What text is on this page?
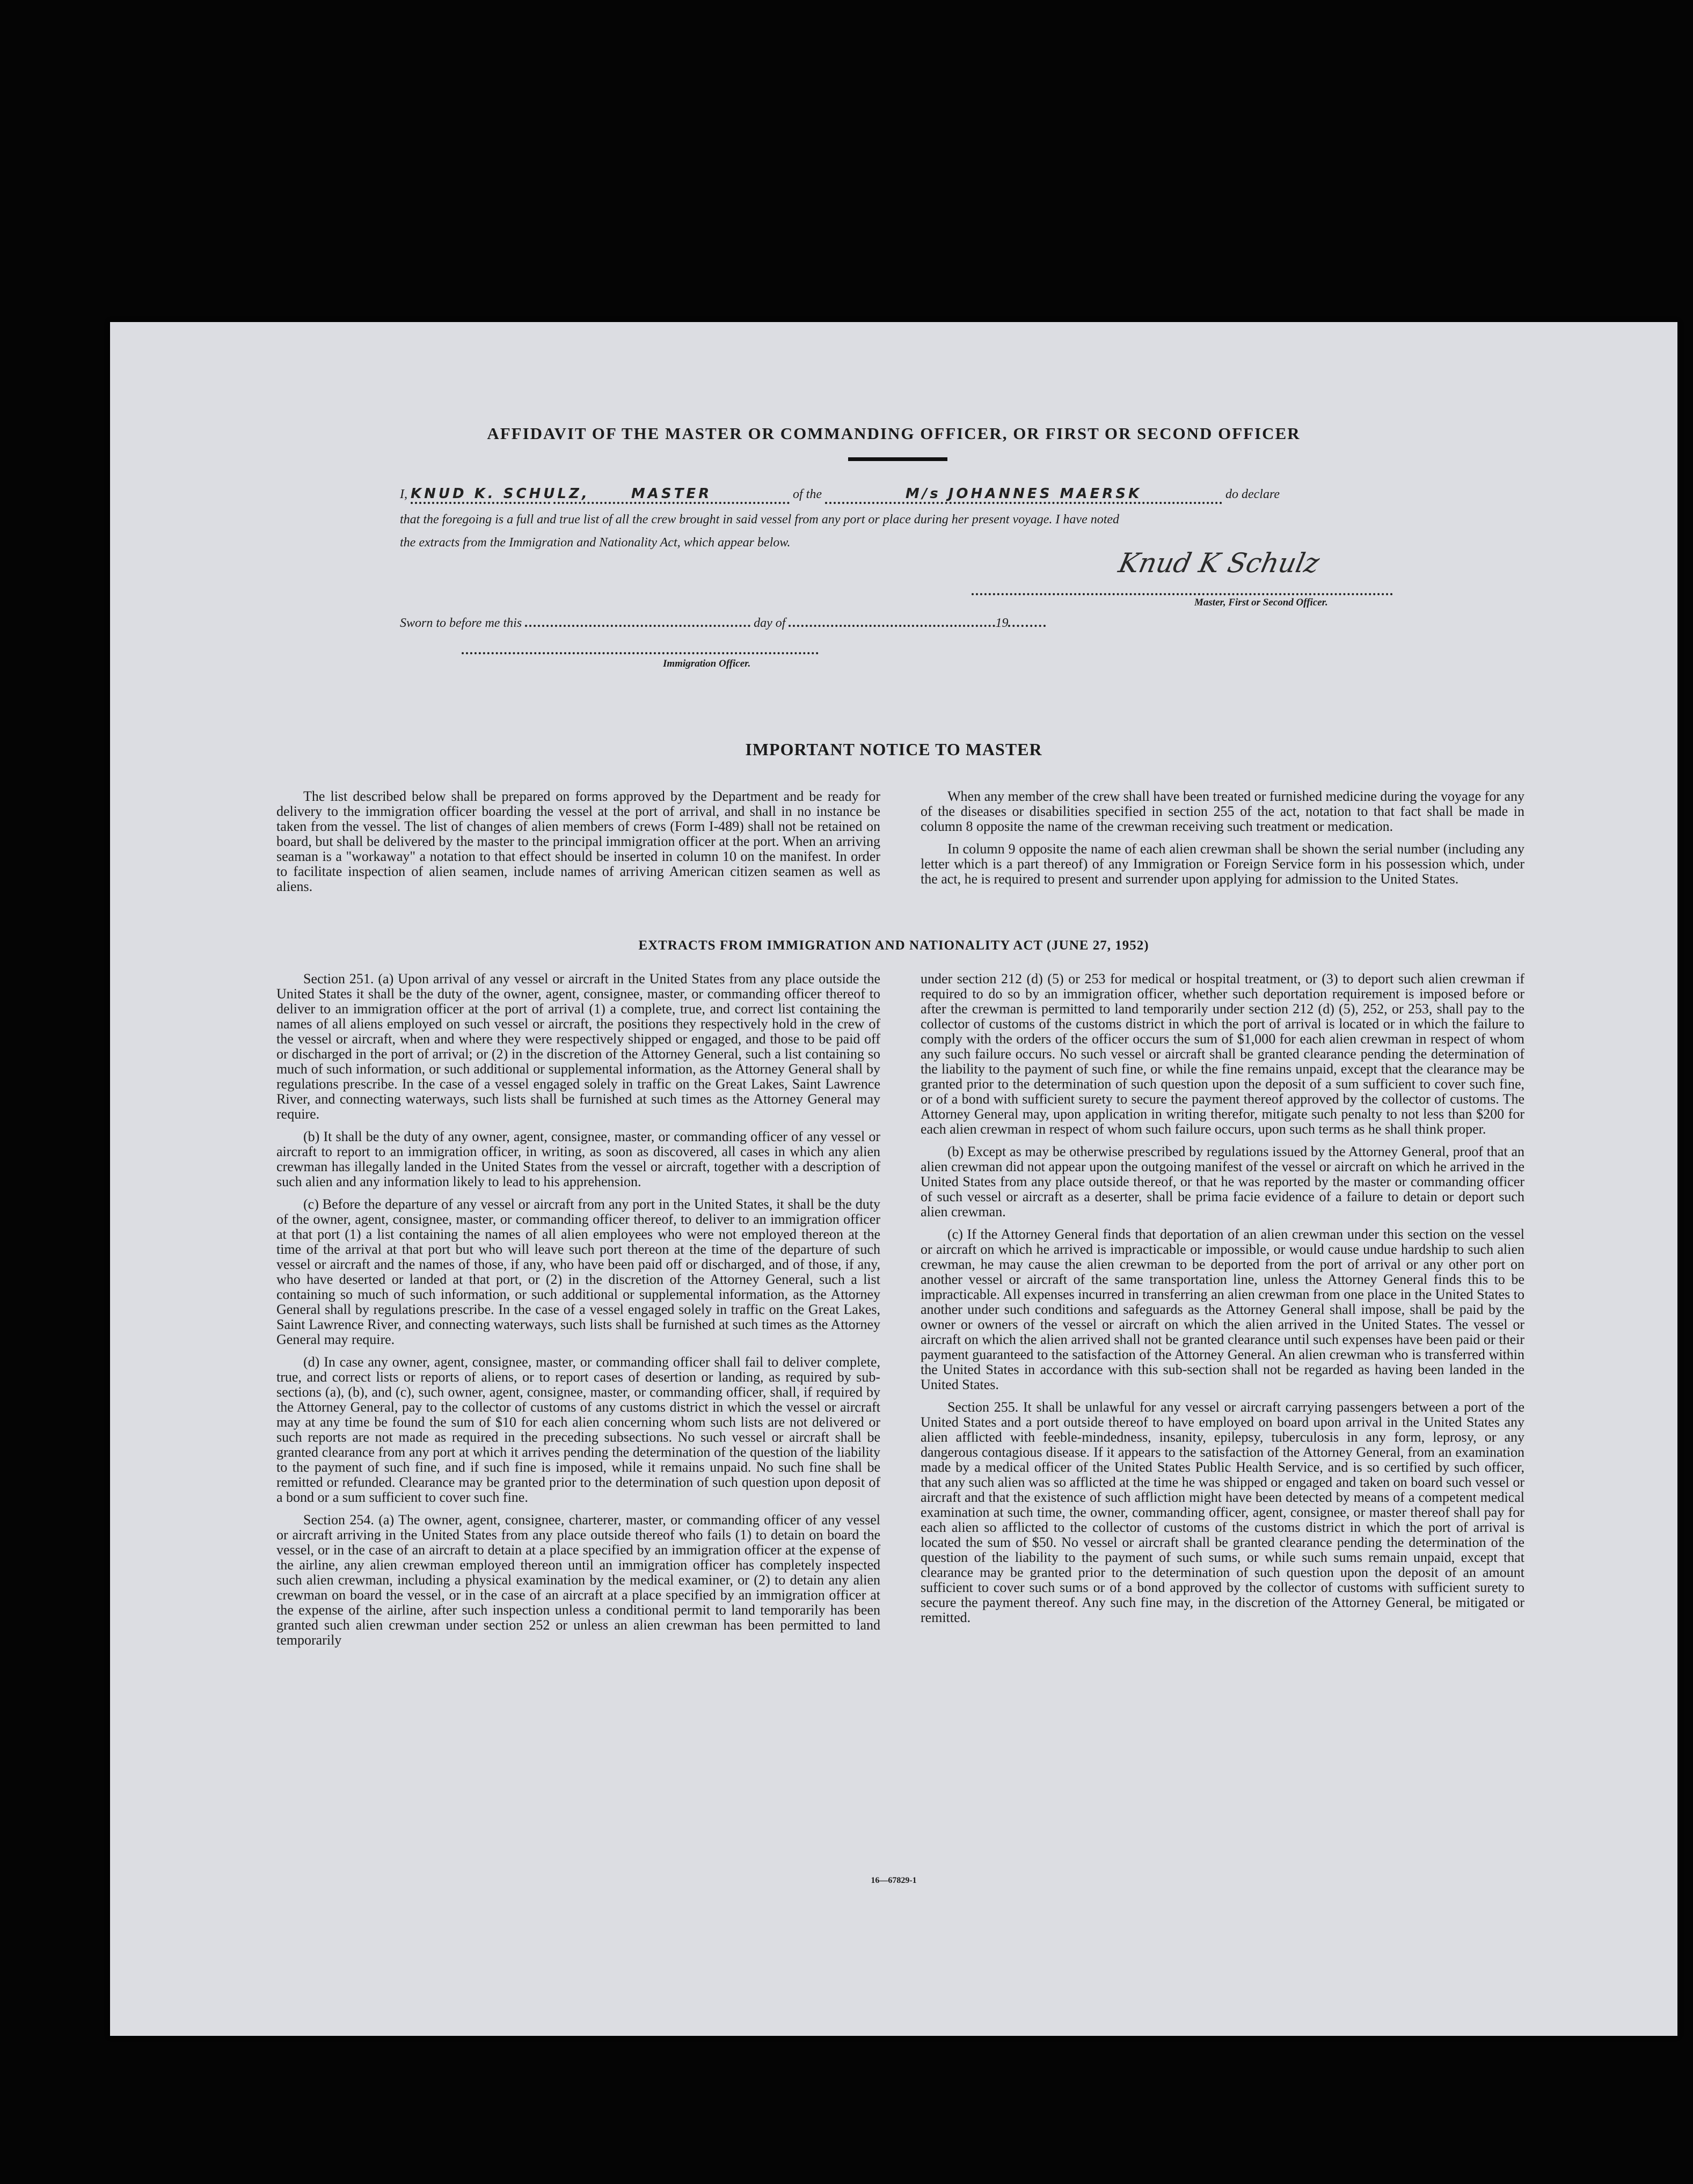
AFFIDAVIT OF THE MASTER OR COMMANDING OFFICER, OR FIRST OR SECOND OFFICER
I, KNUD K. SCHULZ,	MASTER	of the	M/s JOHANNES MAERSK	do declare
that the foregoing is a full and true list of all the crew brought in said vessel from any port or place during her present voyage. I have noted
the extracts from the Immigration and Nationality Act, which appear below.
Knud K Schulz
Master, First or Second Officer.
Sworn to before me this	day of	19
Immigration Officer.
IMPORTANT NOTICE TO MASTER

The list described below shall be prepared on forms approved by the Department and be ready for delivery to the immigration officer boarding the vessel at the port of arrival, and shall in no instance be taken from the vessel. The list of changes of alien members of crews (Form I-489) shall not be retained on board, but shall be delivered by the master to the principal immigration officer at the port. When an arriving seaman is a "workaway" a notation to that effect should be inserted in column 10 on the manifest. In order to facilitate inspection of alien seamen, include names of arriving American citizen seamen as well as aliens.

When any member of the crew shall have been treated or furnished medicine during the voyage for any of the diseases or disabilities specified in section 255 of the act, notation to that fact shall be made in column 8 opposite the name of the crewman receiving such treatment or medication.

In column 9 opposite the name of each alien crewman shall be shown the serial number (including any letter which is a part thereof) of any Immigration or Foreign Service form in his possession which, under the act, he is required to present and surrender upon applying for admission to the United States.

EXTRACTS FROM IMMIGRATION AND NATIONALITY ACT (JUNE 27, 1952)

Section 251. (a) Upon arrival of any vessel or aircraft in the United States from any place outside the United States it shall be the duty of the owner, agent, consignee, master, or commanding officer thereof to deliver to an immigration officer at the port of arrival (1) a complete, true, and correct list containing the names of all aliens employed on such vessel or aircraft, the positions they respectively hold in the crew of the vessel or aircraft, when and where they were respectively shipped or engaged, and those to be paid off or discharged in the port of arrival; or (2) in the discretion of the Attorney General, such a list containing so much of such information, or such additional or supplemental information, as the Attorney General shall by regulations prescribe. In the case of a vessel engaged solely in traffic on the Great Lakes, Saint Lawrence River, and connecting waterways, such lists shall be furnished at such times as the Attorney General may require.

(b) It shall be the duty of any owner, agent, consignee, master, or commanding officer of any vessel or aircraft to report to an immigration officer, in writing, as soon as discovered, all cases in which any alien crewman has illegally landed in the United States from the vessel or aircraft, together with a description of such alien and any information likely to lead to his apprehension.

(c) Before the departure of any vessel or aircraft from any port in the United States, it shall be the duty of the owner, agent, consignee, master, or commanding officer thereof, to deliver to an immigration officer at that port (1) a list containing the names of all alien employees who were not employed thereon at the time of the arrival at that port but who will leave such port thereon at the time of the departure of such vessel or aircraft and the names of those, if any, who have been paid off or discharged, and of those, if any, who have deserted or landed at that port, or (2) in the discretion of the Attorney General, such a list containing so much of such information, or such additional or supplemental information, as the Attorney General shall by regulations prescribe. In the case of a vessel engaged solely in traffic on the Great Lakes, Saint Lawrence River, and connecting waterways, such lists shall be furnished at such times as the Attorney General may require.

(d) In case any owner, agent, consignee, master, or commanding officer shall fail to deliver complete, true, and correct lists or reports of aliens, or to report cases of desertion or landing, as required by sub-sections (a), (b), and (c), such owner, agent, consignee, master, or commanding officer, shall, if required by the Attorney General, pay to the collector of customs of any customs district in which the vessel or aircraft may at any time be found the sum of $10 for each alien concerning whom such lists are not delivered or such reports are not made as required in the preceding subsections. No such vessel or aircraft shall be granted clearance from any port at which it arrives pending the determination of the question of the liability to the payment of such fine, and if such fine is imposed, while it remains unpaid. No such fine shall be remitted or refunded. Clearance may be granted prior to the determination of such question upon deposit of a bond or a sum sufficient to cover such fine.

Section 254. (a) The owner, agent, consignee, charterer, master, or commanding officer of any vessel or aircraft arriving in the United States from any place outside thereof who fails (1) to detain on board the vessel, or in the case of an aircraft to detain at a place specified by an immigration officer at the expense of the airline, any alien crewman employed thereon until an immigration officer has completely inspected such alien crewman, including a physical examination by the medical examiner, or (2) to detain any alien crewman on board the vessel, or in the case of an aircraft at a place specified by an immigration officer at the expense of the airline, after such inspection unless a conditional permit to land temporarily has been granted such alien crewman under section 252 or unless an alien crewman has been permitted to land temporarily

under section 212 (d) (5) or 253 for medical or hospital treatment, or (3) to deport such alien crewman if required to do so by an immigration officer, whether such deportation requirement is imposed before or after the crewman is permitted to land temporarily under section 212 (d) (5), 252, or 253, shall pay to the collector of customs of the customs district in which the port of arrival is located or in which the failure to comply with the orders of the officer occurs the sum of $1,000 for each alien crewman in respect of whom any such failure occurs. No such vessel or aircraft shall be granted clearance pending the determination of the liability to the payment of such fine, or while the fine remains unpaid, except that the clearance may be granted prior to the determination of such question upon the deposit of a sum sufficient to cover such fine, or of a bond with sufficient surety to secure the payment thereof approved by the collector of customs. The Attorney General may, upon application in writing therefor, mitigate such penalty to not less than $200 for each alien crewman in respect of whom such failure occurs, upon such terms as he shall think proper.

(b) Except as may be otherwise prescribed by regulations issued by the Attorney General, proof that an alien crewman did not appear upon the outgoing manifest of the vessel or aircraft on which he arrived in the United States from any place outside thereof, or that he was reported by the master or commanding officer of such vessel or aircraft as a deserter, shall be prima facie evidence of a failure to detain or deport such alien crewman.

(c) If the Attorney General finds that deportation of an alien crewman under this section on the vessel or aircraft on which he arrived is impracticable or impossible, or would cause undue hardship to such alien crewman, he may cause the alien crewman to be deported from the port of arrival or any other port on another vessel or aircraft of the same transportation line, unless the Attorney General finds this to be impracticable. All expenses incurred in transferring an alien crewman from one place in the United States to another under such conditions and safeguards as the Attorney General shall impose, shall be paid by the owner or owners of the vessel or aircraft on which the alien arrived in the United States. The vessel or aircraft on which the alien arrived shall not be granted clearance until such expenses have been paid or their payment guaranteed to the satisfaction of the Attorney General. An alien crewman who is transferred within the United States in accordance with this sub-section shall not be regarded as having been landed in the United States.

Section 255. It shall be unlawful for any vessel or aircraft carrying passengers between a port of the United States and a port outside thereof to have employed on board upon arrival in the United States any alien afflicted with feeble-mindedness, insanity, epilepsy, tuberculosis in any form, leprosy, or any dangerous contagious disease. If it appears to the satisfaction of the Attorney General, from an examination made by a medical officer of the United States Public Health Service, and is so certified by such officer, that any such alien was so afflicted at the time he was shipped or engaged and taken on board such vessel or aircraft and that the existence of such affliction might have been detected by means of a competent medical examination at such time, the owner, commanding officer, agent, consignee, or master thereof shall pay for each alien so afflicted to the collector of customs of the customs district in which the port of arrival is located the sum of $50. No vessel or aircraft shall be granted clearance pending the determination of the question of the liability to the payment of such sums, or while such sums remain unpaid, except that clearance may be granted prior to the determination of such question upon the deposit of an amount sufficient to cover such sums or of a bond approved by the collector of customs with sufficient surety to secure the payment thereof. Any such fine may, in the discretion of the Attorney General, be mitigated or remitted.

16—67829-1
